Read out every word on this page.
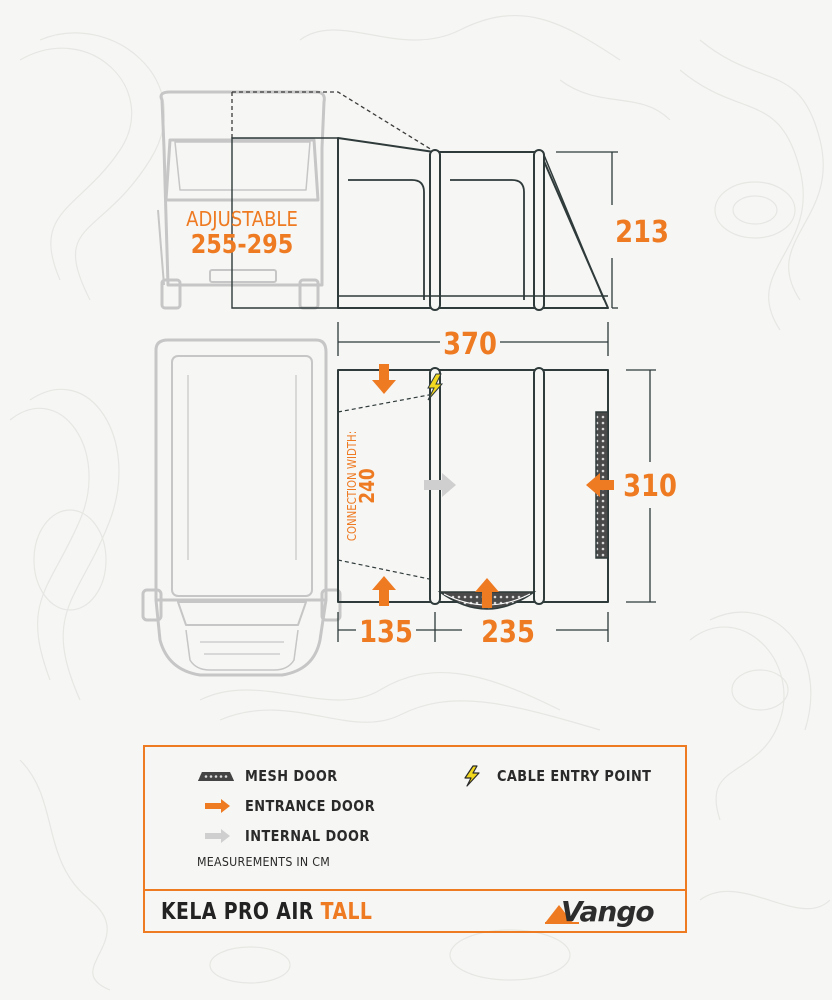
ADJUSTABLE
255-295	213
370
CONNECTION WIDTH:
240	310
135 235
MESH DOOR
ENTRANCE DOOR
INTERNAL DOOR
CABLE ENTRY POINT
MEASUREMENTS IN CM
KELA PRO AIR TALL	Vango
